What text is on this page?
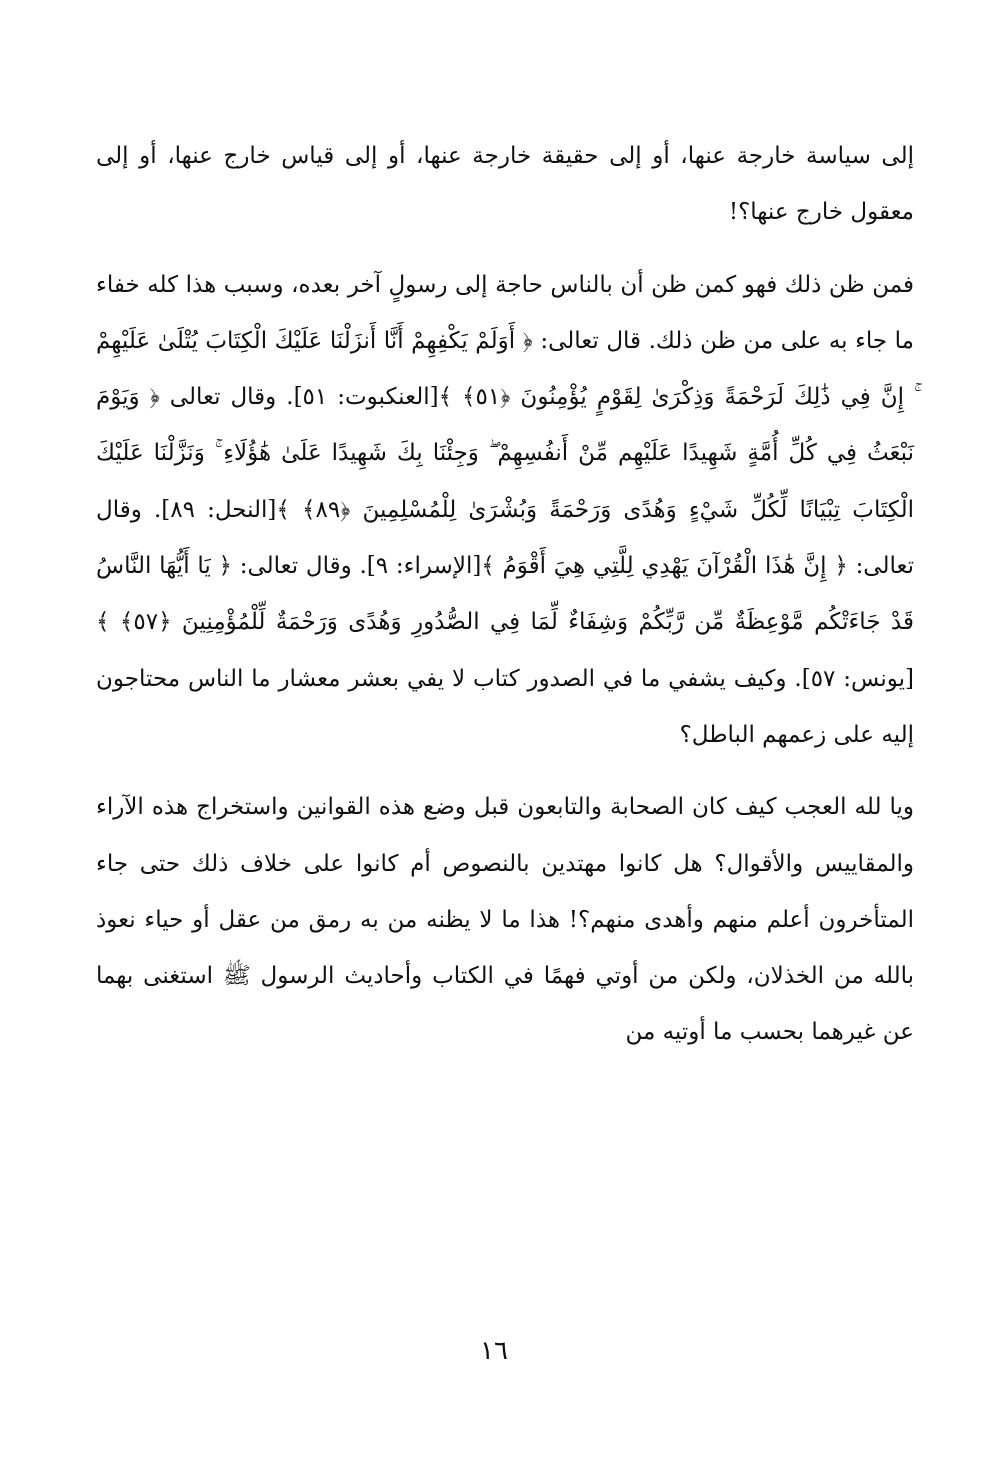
إلى سياسة خارجة عنها، أو إلى حقيقة خارجة عنها، أو إلى قياس خارج عنها، أو إلى معقول خارج عنها؟!

فمن ظن ذلك فهو كمن ظن أن بالناس حاجة إلى رسولٍ آخر بعده، وسبب هذا كله خفاء ما جاء به على من ظن ذلك. قال تعالى: ﴿ أَوَلَمْ يَكْفِهِمْ أَنَّا أَنزَلْنَا عَلَيْكَ الْكِتَابَ يُتْلَىٰ عَلَيْهِمْ ۚ إِنَّ فِي ذَٰلِكَ لَرَحْمَةً وَذِكْرَىٰ لِقَوْمٍ يُؤْمِنُونَ ﴿٥١﴾ ﴾[العنكبوت: ٥١]. وقال تعالى ﴿ وَيَوْمَ نَبْعَثُ فِي كُلِّ أُمَّةٍ شَهِيدًا عَلَيْهِم مِّنْ أَنفُسِهِمْ ۖ وَجِئْنَا بِكَ شَهِيدًا عَلَىٰ هَٰؤُلَاءِ ۚ وَنَزَّلْنَا عَلَيْكَ الْكِتَابَ تِبْيَانًا لِّكُلِّ شَيْءٍ وَهُدًى وَرَحْمَةً وَبُشْرَىٰ لِلْمُسْلِمِينَ ﴿٨٩﴾ ﴾[النحل: ٨٩]. وقال تعالى: ﴿ إِنَّ هَٰذَا الْقُرْآنَ يَهْدِي لِلَّتِي هِيَ أَقْوَمُ ﴾[الإسراء: ٩]. وقال تعالى: ﴿ يَا أَيُّهَا النَّاسُ قَدْ جَاءَتْكُم مَّوْعِظَةٌ مِّن رَّبِّكُمْ وَشِفَاءٌ لِّمَا فِي الصُّدُورِ وَهُدًى وَرَحْمَةٌ لِّلْمُؤْمِنِينَ ﴿٥٧﴾ ﴾[يونس: ٥٧]. وكيف يشفي ما في الصدور كتاب لا يفي بعشر معشار ما الناس محتاجون إليه على زعمهم الباطل؟

ويا لله العجب كيف كان الصحابة والتابعون قبل وضع هذه القوانين واستخراج هذه الآراء والمقاييس والأقوال؟ هل كانوا مهتدين بالنصوص أم كانوا على خلاف ذلك حتى جاء المتأخرون أعلم منهم وأهدى منهم؟! هذا ما لا يظنه من به رمق من عقل أو حياء نعوذ بالله من الخذلان، ولكن من أوتي فهمًا في الكتاب وأحاديث الرسول ﷺ استغنى بهما عن غيرهما بحسب ما أوتيه من

١٦
